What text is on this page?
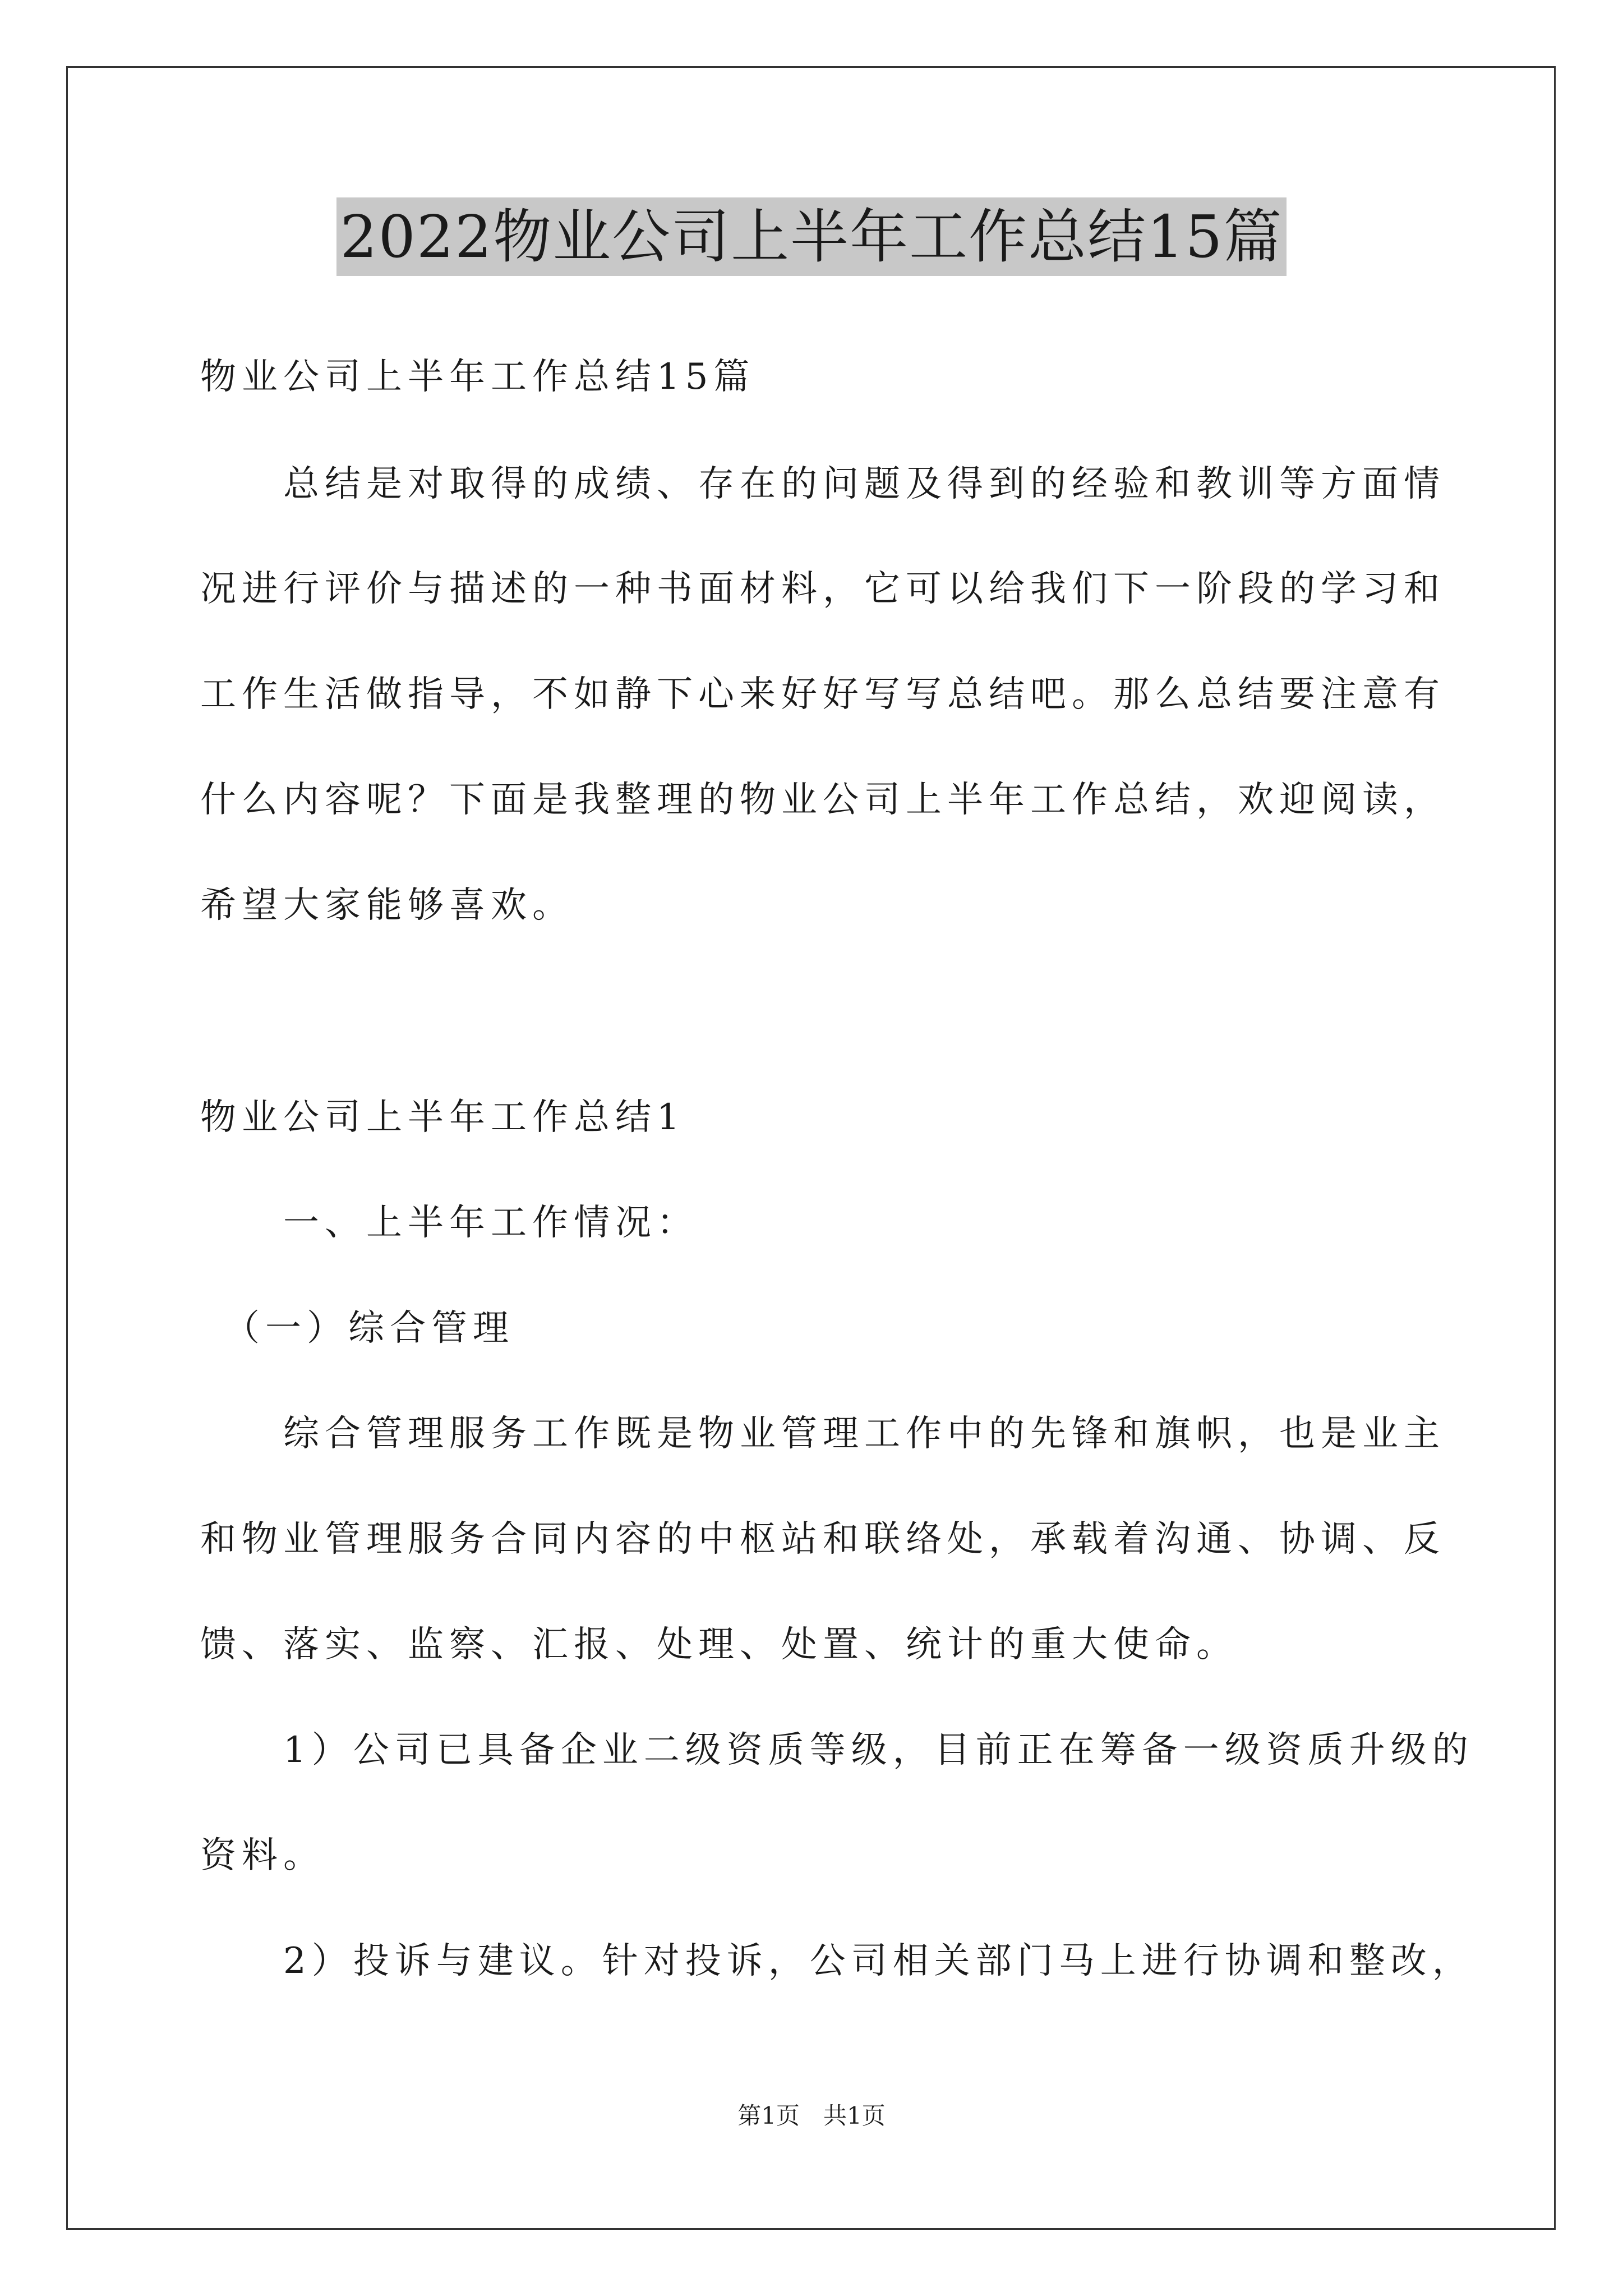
2022物业公司上半年工作总结15篇
物业公司上半年工作总结15篇
　　总结是对取得的成绩、存在的问题及得到的经验和教训等方面情
况进行评价与描述的一种书面材料，它可以给我们下一阶段的学习和
工作生活做指导，不如静下心来好好写写总结吧。那么总结要注意有
什么内容呢？下面是我整理的物业公司上半年工作总结，欢迎阅读，
希望大家能够喜欢。
物业公司上半年工作总结1
　　一、上半年工作情况：
　（一）综合管理
　　综合管理服务工作既是物业管理工作中的先锋和旗帜，也是业主
和物业管理服务合同内容的中枢站和联络处，承载着沟通、协调、反
馈、落实、监察、汇报、处理、处置、统计的重大使命。
　　1）公司已具备企业二级资质等级，目前正在筹备一级资质升级的
资料。
　　2）投诉与建议。针对投诉，公司相关部门马上进行协调和整改，
第1页　共1页
